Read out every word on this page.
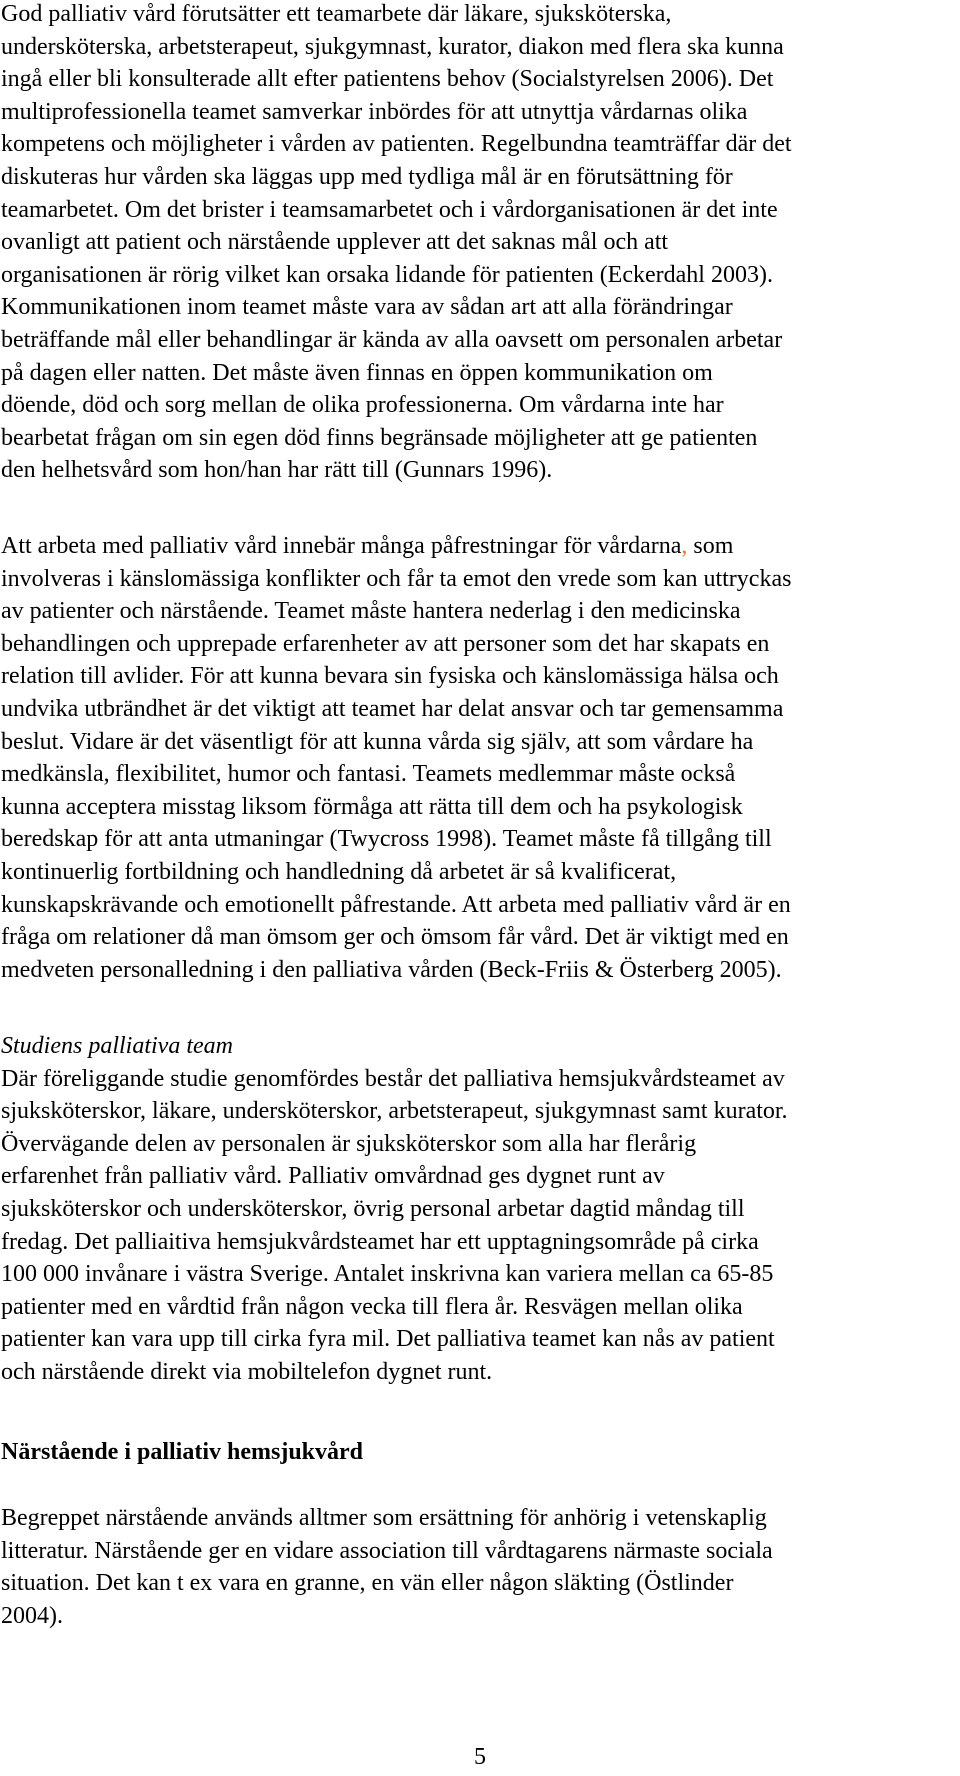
God palliativ vård förutsätter ett teamarbete där läkare, sjuksköterska,
undersköterska, arbetsterapeut, sjukgymnast, kurator, diakon med flera ska kunna
ingå eller bli konsulterade allt efter patientens behov (Socialstyrelsen 2006). Det
multiprofessionella teamet samverkar inbördes för att utnyttja vårdarnas olika
kompetens och möjligheter i vården av patienten. Regelbundna teamträffar där det
diskuteras hur vården ska läggas upp med tydliga mål är en förutsättning för
teamarbetet. Om det brister i teamsamarbetet och i vårdorganisationen är det inte
ovanligt att patient och närstående upplever att det saknas mål och att
organisationen är rörig vilket kan orsaka lidande för patienten (Eckerdahl 2003).
Kommunikationen inom teamet måste vara av sådan art att alla förändringar
beträffande mål eller behandlingar är kända av alla oavsett om personalen arbetar
på dagen eller natten. Det måste även finnas en öppen kommunikation om
döende, död och sorg mellan de olika professionerna. Om vårdarna inte har
bearbetat frågan om sin egen död finns begränsade möjligheter att ge patienten
den helhetsvård som hon/han har rätt till (Gunnars 1996).
Att arbeta med palliativ vård innebär många påfrestningar för vårdarna, som
involveras i känslomässiga konflikter och får ta emot den vrede som kan uttryckas
av patienter och närstående. Teamet måste hantera nederlag i den medicinska
behandlingen och upprepade erfarenheter av att personer som det har skapats en
relation till avlider. För att kunna bevara sin fysiska och känslomässiga hälsa och
undvika utbrändhet är det viktigt att teamet har delat ansvar och tar gemensamma
beslut. Vidare är det väsentligt för att kunna vårda sig själv, att som vårdare ha
medkänsla, flexibilitet, humor och fantasi. Teamets medlemmar måste också
kunna acceptera misstag liksom förmåga att rätta till dem och ha psykologisk
beredskap för att anta utmaningar (Twycross 1998). Teamet måste få tillgång till
kontinuerlig fortbildning och handledning då arbetet är så kvalificerat,
kunskapskrävande och emotionellt påfrestande. Att arbeta med palliativ vård är en
fråga om relationer då man ömsom ger och ömsom får vård. Det är viktigt med en
medveten personalledning i den palliativa vården (Beck-Friis & Österberg 2005).
Studiens palliativa team
Där föreliggande studie genomfördes består det palliativa hemsjukvårdsteamet av
sjuksköterskor, läkare, undersköterskor, arbetsterapeut, sjukgymnast samt kurator.
Övervägande delen av personalen är sjuksköterskor som alla har flerårig
erfarenhet från palliativ vård. Palliativ omvårdnad ges dygnet runt av
sjuksköterskor och undersköterskor, övrig personal arbetar dagtid måndag till
fredag. Det palliaitiva hemsjukvårdsteamet har ett upptagningsområde på cirka
100 000 invånare i västra Sverige. Antalet inskrivna kan variera mellan ca 65-85
patienter med en vårdtid från någon vecka till flera år. Resvägen mellan olika
patienter kan vara upp till cirka fyra mil. Det palliativa teamet kan nås av patient
och närstående direkt via mobiltelefon dygnet runt.
Närstående i palliativ hemsjukvård
Begreppet närstående används alltmer som ersättning för anhörig i vetenskaplig
litteratur. Närstående ger en vidare association till vårdtagarens närmaste sociala
situation. Det kan t ex vara en granne, en vän eller någon släkting (Östlinder
2004).
5
